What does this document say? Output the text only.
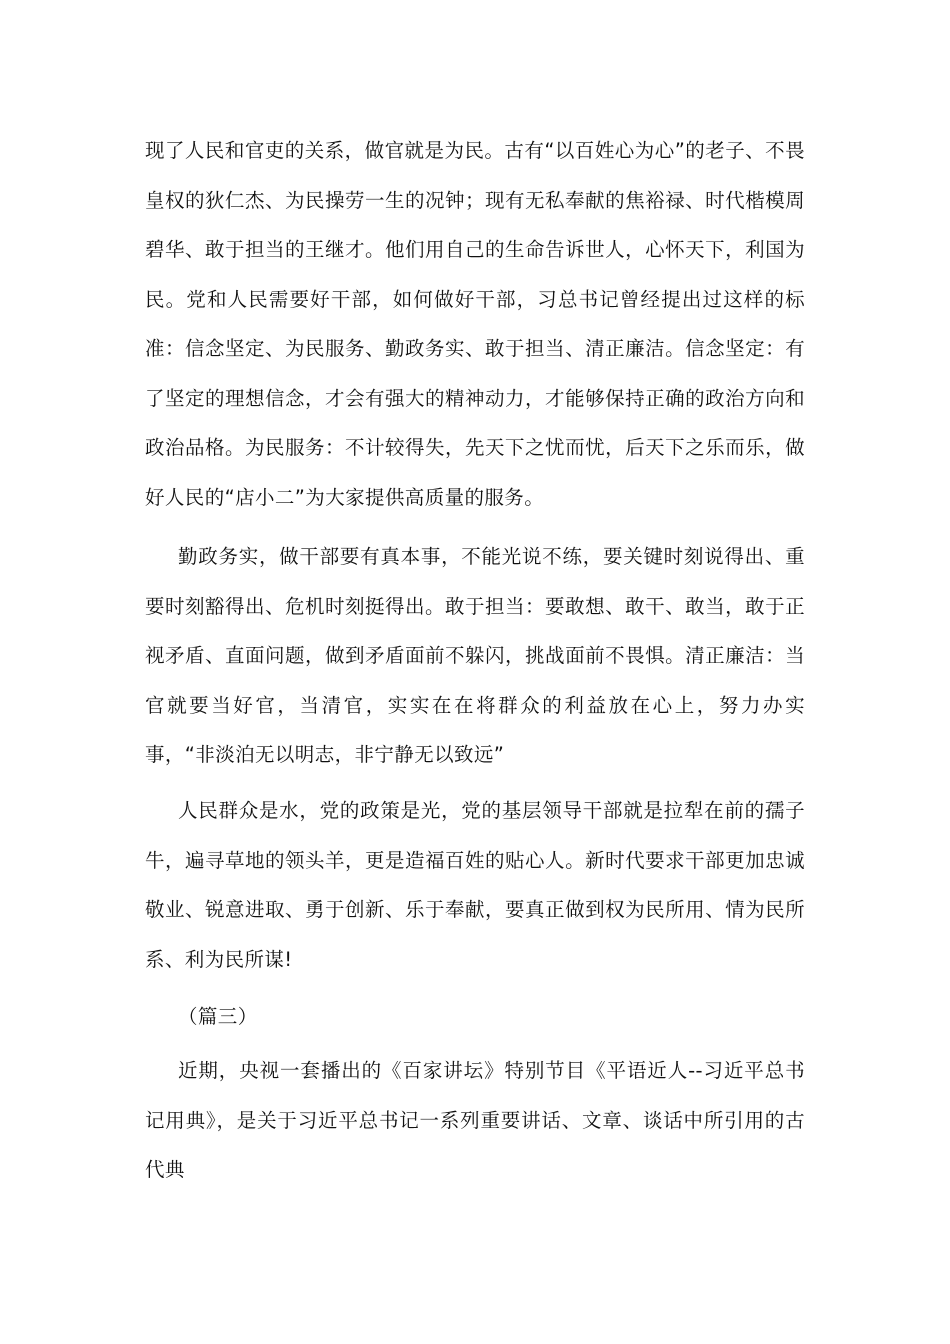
现了人民和官吏的关系，做官就是为民。古有“以百姓心为心”的老子、不畏皇权的狄仁杰、为民操劳一生的况钟；现有无私奉献的焦裕禄、时代楷模周碧华、敢于担当的王继才。他们用自己的生命告诉世人，心怀天下，利国为民。党和人民需要好干部，如何做好干部，习总书记曾经提出过这样的标准：信念坚定、为民服务、勤政务实、敢于担当、清正廉洁。信念坚定：有了坚定的理想信念，才会有强大的精神动力，才能够保持正确的政治方向和政治品格。为民服务：不计较得失，先天下之忧而忧，后天下之乐而乐，做好人民的“店小二”为大家提供高质量的服务。

勤政务实，做干部要有真本事，不能光说不练，要关键时刻说得出、重要时刻豁得出、危机时刻挺得出。敢于担当：要敢想、敢干、敢当，敢于正视矛盾、直面问题，做到矛盾面前不躲闪，挑战面前不畏惧。清正廉洁：当官就要当好官，当清官，实实在在将群众的利益放在心上，努力办实事，“非淡泊无以明志，非宁静无以致远”

人民群众是水，党的政策是光，党的基层领导干部就是拉犁在前的孺子牛，遍寻草地的领头羊，更是造福百姓的贴心人。新时代要求干部更加忠诚敬业、锐意进取、勇于创新、乐于奉献，要真正做到权为民所用、情为民所系、利为民所谋!

（篇三）

近期，央视一套播出的《百家讲坛》特别节目《平语近人--习近平总书记用典》，是关于习近平总书记一系列重要讲话、文章、谈话中所引用的古代典
